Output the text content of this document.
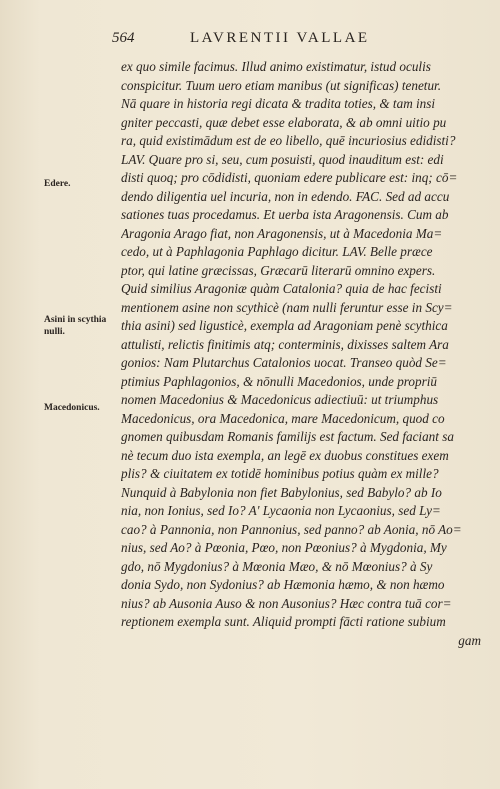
564	LAVRENTII VALLAE
Edere.
Asini in scythia
nulli.
Macedonicus.
ex quo simile facimus. Illud animo existimatur, istud oculis
conspicitur. Tuum uero etiam manibus (ut significas) tenetur.
Nā quare in historia regi dicata & tradita toties, & tam insi
gniter peccasti, quæ debet esse elaborata, & ab omni uitio pu
ra, quid existimādum est de eo libello, quē incuriosius edidisti?
LAV. Quare pro si, seu, cum posuisti, quod inauditum est: edi
disti quoq; pro cōdidisti, quoniam edere publicare est: inq; cō=
dendo diligentia uel incuria, non in edendo. FAC. Sed ad accu
sationes tuas procedamus. Et uerba ista Aragonensis. Cum ab
Aragonia Arago fiat, non Aragonensis, ut à Macedonia Ma=
cedo, ut à Paphlagonia Paphlago dicitur. LAV. Belle præce
ptor, qui latine græcissas, Græcarū literarū omnino expers.
Quid similius Aragoniæ quàm Catalonia? quia de hac fecisti
mentionem asine non scythicè (nam nulli feruntur esse in Scy=
thia asini) sed ligusticè, exempla ad Aragoniam penè scythica
attulisti, relictis finitimis atq; conterminis, dixisses saltem Ara
gonios: Nam Plutarchus Catalonios uocat. Transeo quòd Se=
ptimius Paphlagonios, & nōnulli Macedonios, unde propriū
nomen Macedonius & Macedonicus adiectiuū: ut triumphus
Macedonicus, ora Macedonica, mare Macedonicum, quod co
gnomen quibusdam Romanis familijs est factum. Sed faciant sa
nè tecum duo ista exempla, an legē ex duobus constitues exem
plis? & ciuitatem ex totidē hominibus potius quàm ex mille?
Nunquid à Babylonia non fiet Babylonius, sed Babylo? ab Io
nia, non Ionius, sed Io? A' Lycaonia non Lycaonius, sed Ly=
cao? à Pannonia, non Pannonius, sed panno? ab Aonia, nō Ao=
nius, sed Ao? à Pœonia, Pœo, non Pœonius? à Mygdonia, My
gdo, nō Mygdonius? à Mœonia Mæo, & nō Mœonius? à Sy
donia Sydo, non Sydonius? ab Hæmonia hæmo, & non hæmo
nius? ab Ausonia Auso & non Ausonius? Hæc contra tuā cor=
reptionem exempla sunt. Aliquid prompti fācti ratione subium
gam
